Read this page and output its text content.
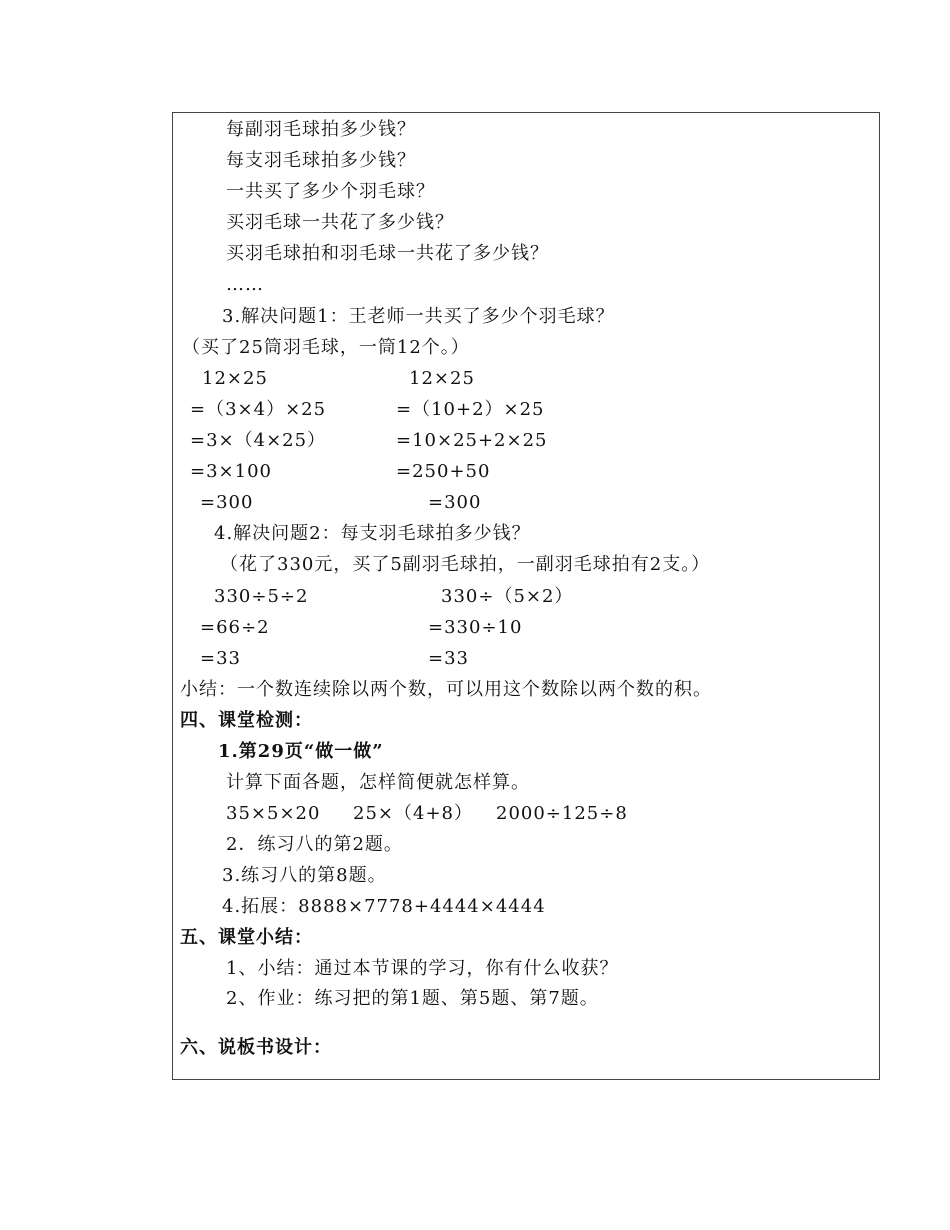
每副羽毛球拍多少钱？
每支羽毛球拍多少钱？
一共买了多少个羽毛球？
买羽毛球一共花了多少钱？
买羽毛球拍和羽毛球一共花了多少钱？
……
3.解决问题1：王老师一共买了多少个羽毛球？
（买了25筒羽毛球，一筒12个。）
12×25
=（3×4）×25
=3×（4×25）
=3×100
=300
12×25
=（10+2）×25
=10×25+2×25
=250+50
=300
4.解决问题2：每支羽毛球拍多少钱？
（花了330元，买了5副羽毛球拍，一副羽毛球拍有2支。）
330÷5÷2
=66÷2
=33
330÷（5×2）
=330÷10
=33
小结：一个数连续除以两个数，可以用这个数除以两个数的积。
四、课堂检测：
1.第29页“做一做”
计算下面各题，怎样简便就怎样算。
35×5×20 25×（4+8） 2000÷125÷8
2．练习八的第2题。
3.练习八的第8题。
4.拓展：8888×7778+4444×4444
五、课堂小结：
1、小结：通过本节课的学习，你有什么收获？
2、作业：练习把的第1题、第5题、第7题。
六、说板书设计：
